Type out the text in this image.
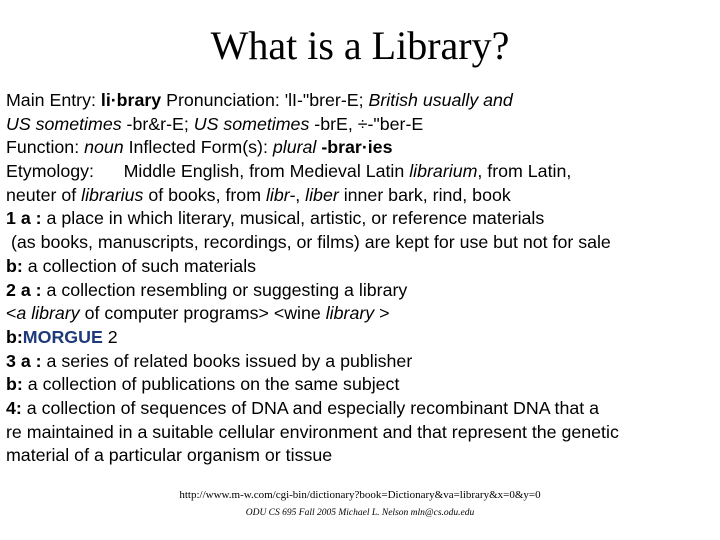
What is a Library?
Main Entry: li·brary Pronunciation: 'lI-"brer-E; British usually and
US sometimes -br&r-E; US sometimes -brE, ÷-"ber-E
Function: noun Inflected Form(s): plural -brar·ies
Etymology:      Middle English, from Medieval Latin librarium, from Latin,
neuter of librarius of books, from libr-, liber inner bark, rind, book
1 a : a place in which literary, musical, artistic, or reference materials
(as books, manuscripts, recordings, or films) are kept for use but not for sale
b: a collection of such materials
2 a : a collection resembling or suggesting a library
<a library of computer programs> <wine library >
b:MORGUE 2
3 a : a series of related books issued by a publisher
b: a collection of publications on the same subject
4: a collection of sequences of DNA and especially recombinant DNA that a
re maintained in a suitable cellular environment and that represent the genetic
material of a particular organism or tissue
http://www.m-w.com/cgi-bin/dictionary?book=Dictionary&va=library&x=0&y=0
ODU CS 695 Fall 2005 Michael L. Nelson mln@cs.odu.edu
